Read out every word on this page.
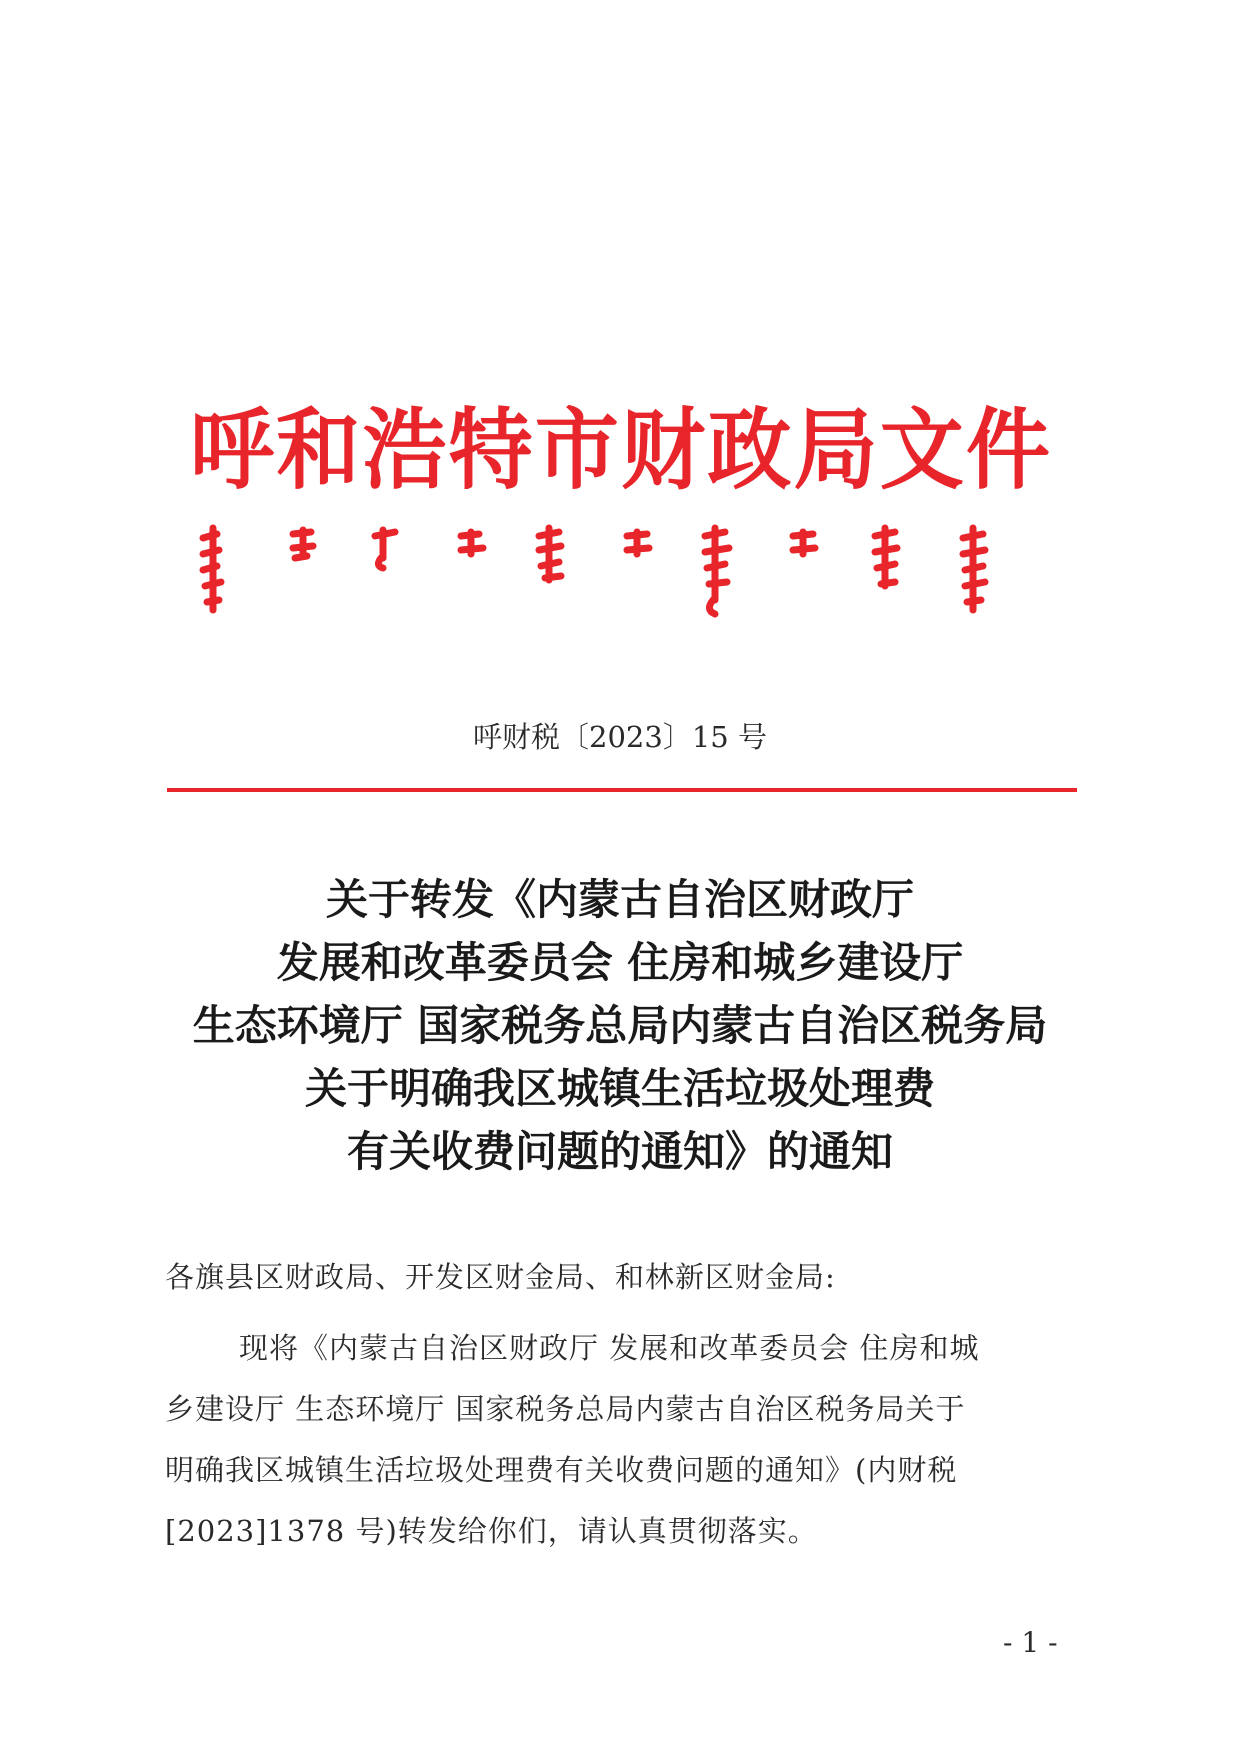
呼 和 浩 特 市 财 政 局 文 件
呼财税〔2023〕15 号
关于转发《内蒙古自治区财政厅
发展和改革委员会 住房和城乡建设厅
生态环境厅 国家税务总局内蒙古自治区税务局
关于明确我区城镇生活垃圾处理费
有关收费问题的通知》的通知
各旗县区财政局、开发区财金局、和林新区财金局:
现将《内蒙古自治区财政厅 发展和改革委员会 住房和城
乡建设厅 生态环境厅 国家税务总局内蒙古自治区税务局关于
明确我区城镇生活垃圾处理费有关收费问题的通知》(内财税
[2023]1378 号)转发给你们，请认真贯彻落实。
- 1 -
